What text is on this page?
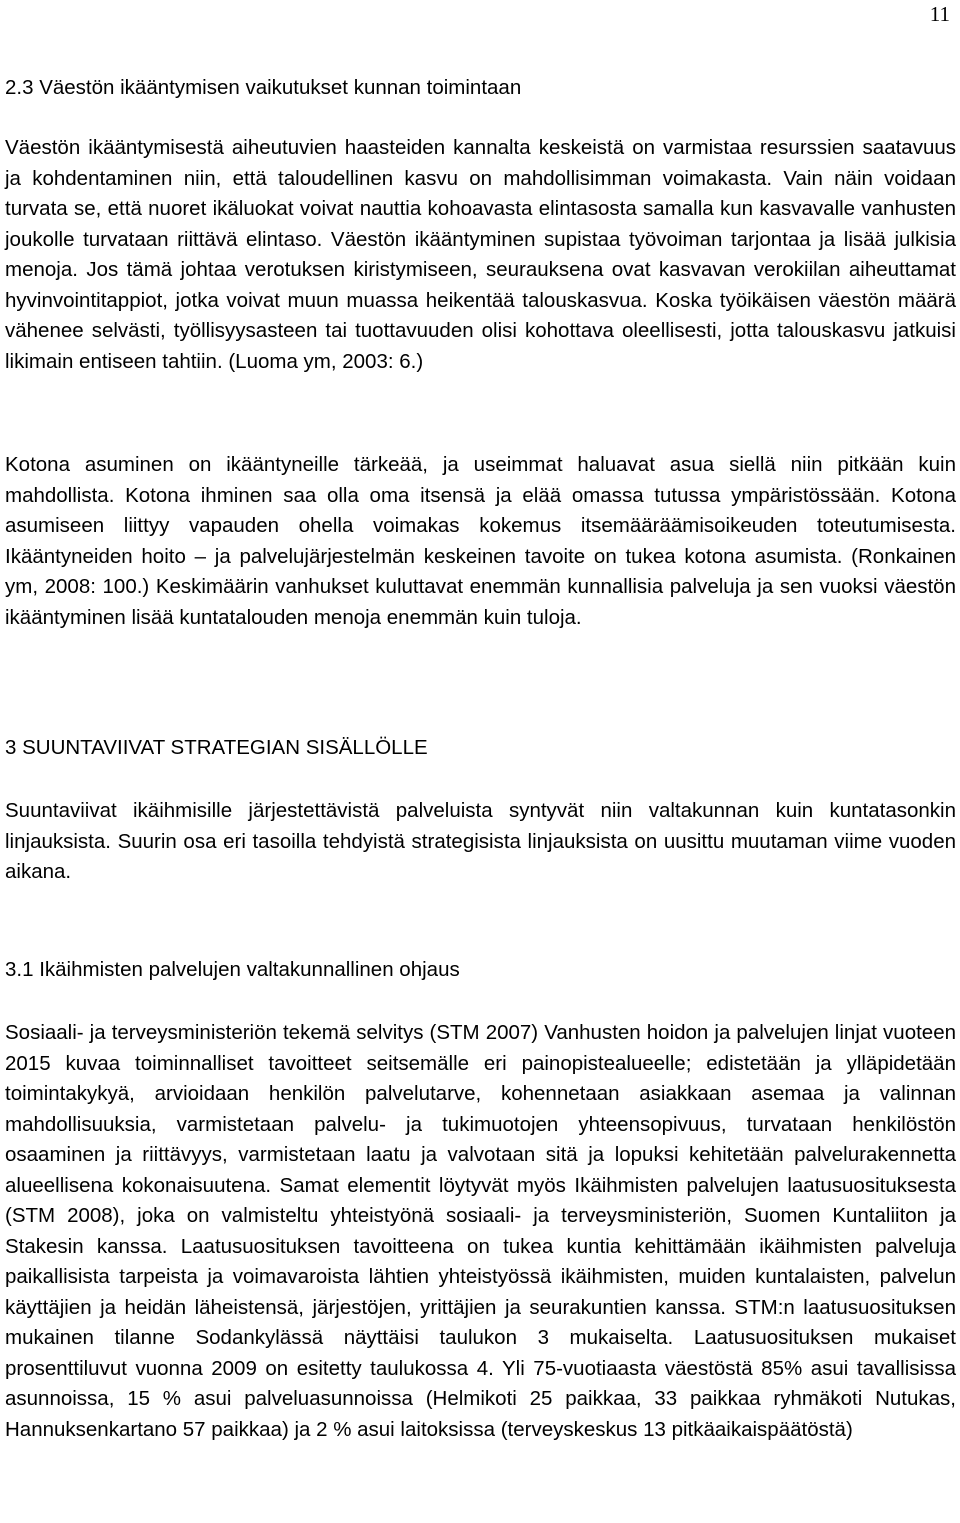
11
2.3 Väestön ikääntymisen vaikutukset kunnan toimintaan

Väestön ikääntymisestä aiheutuvien haasteiden kannalta keskeistä on varmistaa resurssien saatavuus ja kohdentaminen niin, että taloudellinen kasvu on mahdollisimman voimakasta. Vain näin voidaan turvata se, että nuoret ikäluokat voivat nauttia kohoavasta elintasosta samalla kun kasvavalle vanhusten joukolle turvataan riittävä elintaso. Väestön ikääntyminen supistaa työvoiman tarjontaa ja lisää julkisia menoja. Jos tämä johtaa verotuksen kiristymiseen, seurauksena ovat kasvavan verokiilan aiheuttamat hyvinvointitappiot, jotka voivat muun muassa heikentää talouskasvua. Koska työikäisen väestön määrä vähenee selvästi, työllisyysasteen tai tuottavuuden olisi kohottava oleellisesti, jotta talouskasvu jatkuisi likimain entiseen tahtiin. (Luoma ym, 2003: 6.)

Kotona asuminen on ikääntyneille tärkeää, ja useimmat haluavat asua siellä niin pitkään kuin mahdollista. Kotona ihminen saa olla oma itsensä ja elää omassa tutussa ympäristössään. Kotona asumiseen liittyy vapauden ohella voimakas kokemus itsemääräämisoikeuden toteutumisesta. Ikääntyneiden hoito – ja palvelujärjestelmän keskeinen tavoite on tukea kotona asumista. (Ronkainen ym, 2008: 100.) Keskimäärin vanhukset kuluttavat enemmän kunnallisia palveluja ja sen vuoksi väestön ikääntyminen lisää kuntatalouden menoja enemmän kuin tuloja.

3 SUUNTAVIIVAT STRATEGIAN SISÄLLÖLLE

Suuntaviivat ikäihmisille järjestettävistä palveluista syntyvät niin valtakunnan kuin kuntatasonkin linjauksista. Suurin osa eri tasoilla tehdyistä strategisista linjauksista on uusittu muutaman viime vuoden aikana.

3.1 Ikäihmisten palvelujen valtakunnallinen ohjaus

Sosiaali- ja terveysministeriön tekemä selvitys (STM 2007) Vanhusten hoidon ja palvelujen linjat vuoteen 2015 kuvaa toiminnalliset tavoitteet seitsemälle eri painopistealueelle; edistetään ja ylläpidetään toimintakykyä, arvioidaan henkilön palvelutarve, kohennetaan asiakkaan asemaa ja valinnan mahdollisuuksia, varmistetaan palvelu- ja tukimuotojen yhteensopivuus, turvataan henkilöstön osaaminen ja riittävyys, varmistetaan laatu ja valvotaan sitä ja lopuksi kehitetään palvelurakennetta alueellisena kokonaisuutena. Samat elementit löytyvät myös Ikäihmisten palvelujen laatusuosituksesta (STM 2008), joka on valmisteltu yhteistyönä sosiaali- ja terveysministeriön, Suomen Kuntaliiton ja Stakesin kanssa. Laatusuosituksen tavoitteena on tukea kuntia kehittämään ikäihmisten palveluja paikallisista tarpeista ja voimavaroista lähtien yhteistyössä ikäihmisten, muiden kuntalaisten, palvelun käyttäjien ja heidän läheistensä, järjestöjen, yrittäjien ja seurakuntien kanssa. STM:n laatusuosituksen mukainen tilanne Sodankylässä näyttäisi taulukon 3 mukaiselta. Laatusuosituksen mukaiset prosenttiluvut vuonna 2009 on esitetty taulukossa 4. Yli 75-vuotiaasta väestöstä 85% asui tavallisissa asunnoissa, 15 % asui palveluasunnoissa (Helmikoti 25 paikkaa, 33 paikkaa ryhmäkoti Nutukas, Hannuksenkartano 57 paikkaa) ja 2 % asui laitoksissa (terveyskeskus 13 pitkäaikaispäätöstä)
